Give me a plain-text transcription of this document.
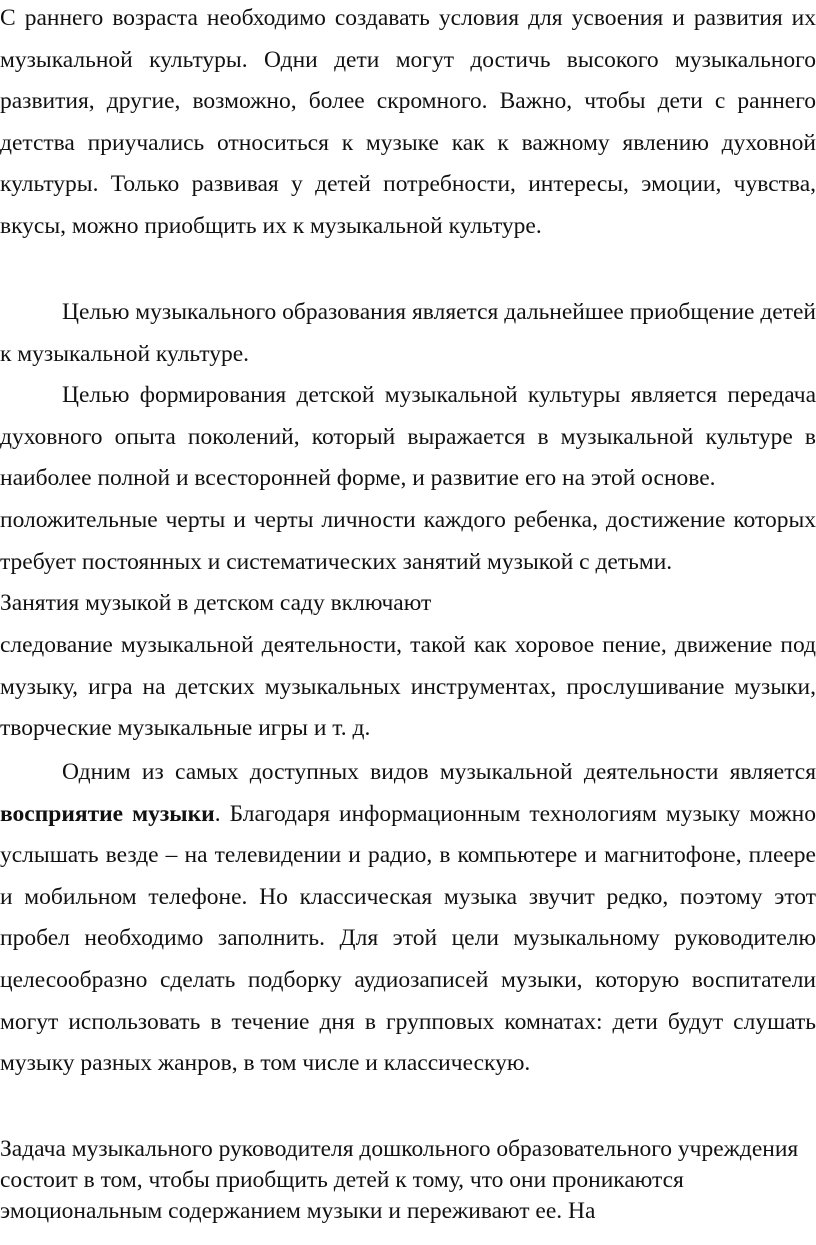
С раннего возраста необходимо создавать условия для усвоения и развития их музыкальной культуры. Одни дети могут достичь высокого музыкального развития, другие, возможно, более скромного. Важно, чтобы дети с раннего детства приучались относиться к музыке как к важному явлению духовной культуры. Только развивая у детей потребности, интересы, эмоции, чувства, вкусы, можно приобщить их к музыкальной культуре.

Целью музыкального образования является дальнейшее приобщение детей к музыкальной культуре.

Целью формирования детской музыкальной культуры является передача духовного опыта поколений, который выражается в музыкальной культуре в наиболее полной и всесторонней форме, и развитие его на этой основе.

положительные черты и черты личности каждого ребенка, достижение которых требует постоянных и систематических занятий музыкой с детьми.

Занятия музыкой в детском саду включают

следование музыкальной деятельности, такой как хоровое пение, движение под музыку, игра на детских музыкальных инструментах, прослушивание музыки, творческие музыкальные игры и т. д.

Одним из самых доступных видов музыкальной деятельности является восприятие музыки. Благодаря информационным технологиям музыку можно услышать везде – на телевидении и радио, в компьютере и магнитофоне, плеере и мобильном телефоне. Но классическая музыка звучит редко, поэтому этот пробел необходимо заполнить. Для этой цели музыкальному руководителю целесообразно сделать подборку аудиозаписей музыки, которую воспитатели могут использовать в течение дня в групповых комнатах: дети будут слушать музыку разных жанров, в том числе и классическую.

Задача музыкального руководителя дошкольного образовательного учреждения состоит в том, чтобы приобщить детей к тому, что они проникаются эмоциональным содержанием музыки и переживают ее. На
